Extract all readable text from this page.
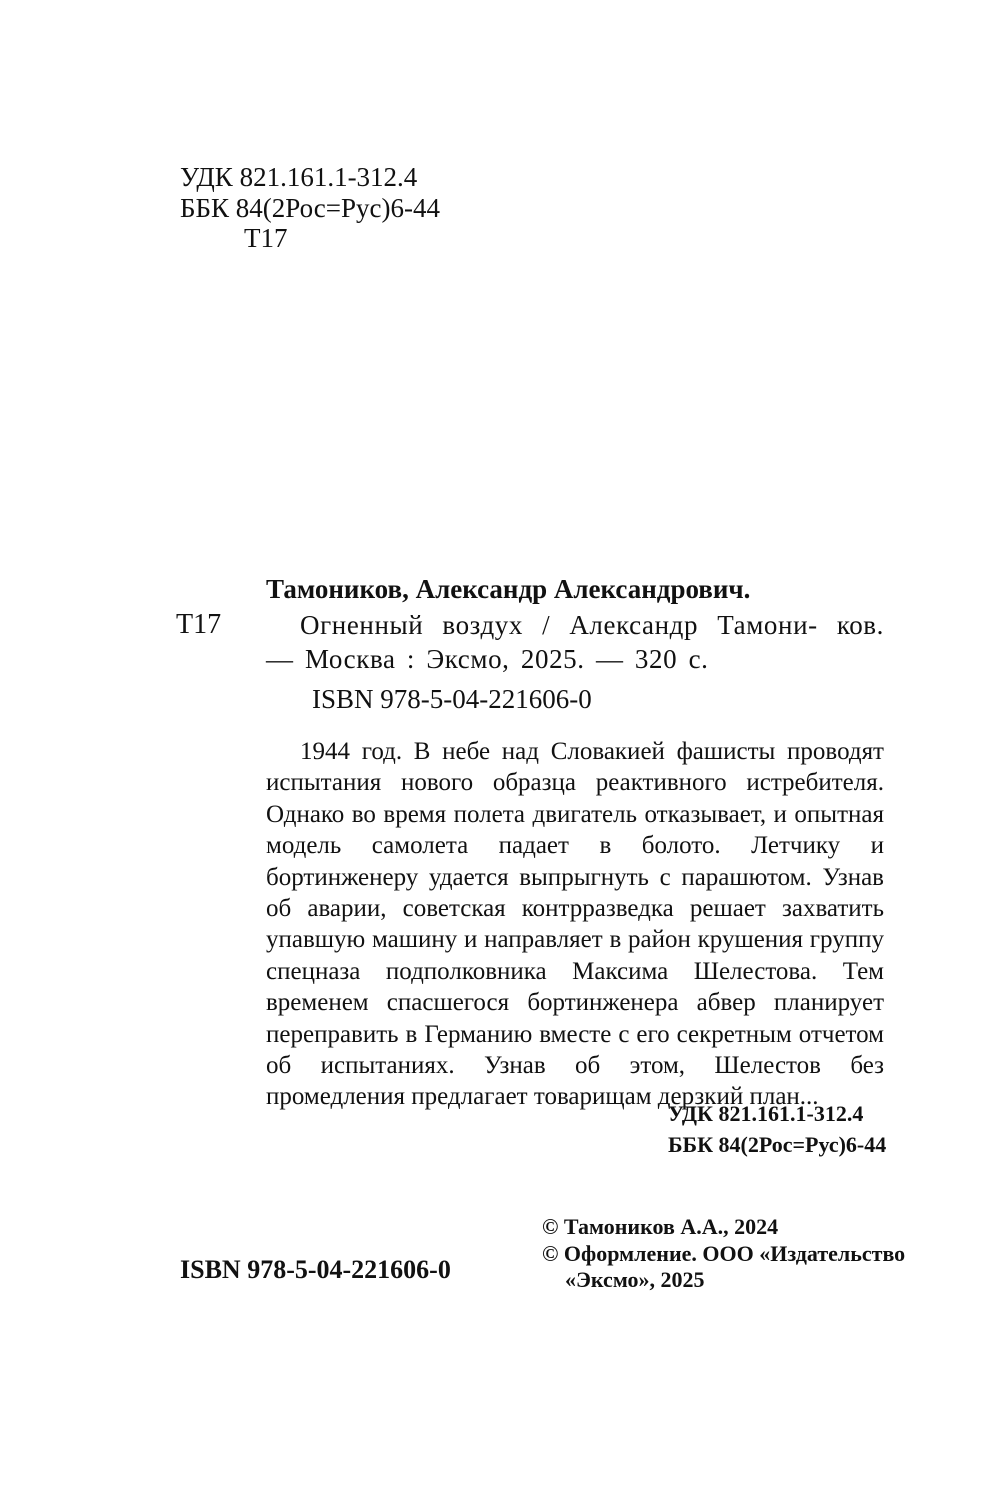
УДК 821.161.1-312.4
ББК 84(2Рос=Рус)6-44
Т17
Т17
Тамоников, Александр Александрович.
Огненный воздух / Александр Тамони- ков. — Москва : Эксмо, 2025. — 320 с.
ISBN 978-5-04-221606-0
1944 год. В небе над Словакией фашисты проводят испытания нового образца реактивного истребителя. Однако во время полета двигатель отказывает, и опытная модель самолета падает в болото. Летчику и бортинженеру удается выпрыгнуть с парашютом. Узнав об аварии, советская контрразведка решает захватить упавшую машину и направляет в район крушения группу спецназа подполковника Максима Шелестова. Тем временем спасшегося бортинженера абвер планирует переправить в Германию вместе с его секретным отчетом об испытаниях. Узнав об этом, Шелестов без промедления предлагает товарищам дерзкий план...
УДК 821.161.1-312.4
ББК 84(2Рос=Рус)6-44
ISBN 978-5-04-221606-0
© Тамоников А.А., 2024
© Оформление. ООО «Издательство
«Эксмо», 2025
